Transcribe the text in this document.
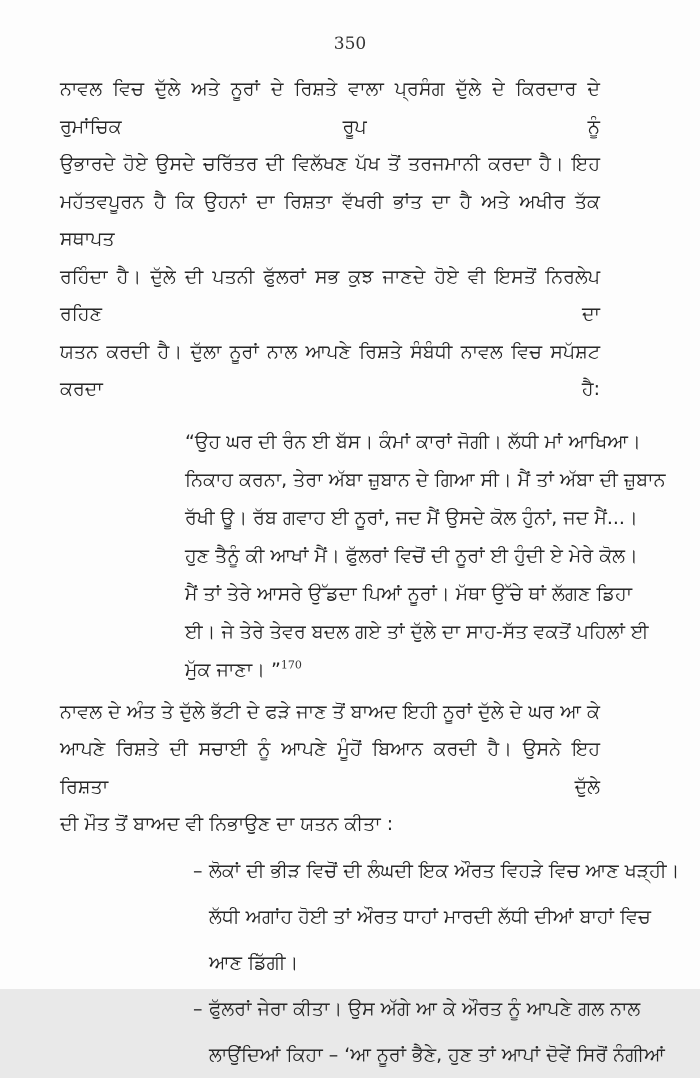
350
ਨਾਵਲ ਵਿਚ ਦੁੱਲੇ ਅਤੇ ਨੂਰਾਂ ਦੇ ਰਿਸ਼ਤੇ ਵਾਲਾ ਪ੍ਰਸੰਗ ਦੁੱਲੇ ਦੇ ਕਿਰਦਾਰ ਦੇ ਰੁਮਾਂਚਿਕ ਰੂਪ ਨੂੰ
ਉਭਾਰਦੇ ਹੋਏ ਉਸਦੇ ਚਰਿੱਤਰ ਦੀ ਵਿਲੱਖਣ ਪੱਖ ਤੋਂ ਤਰਜਮਾਨੀ ਕਰਦਾ ਹੈ। ਇਹ
ਮਹੱਤਵਪੂਰਨ ਹੈ ਕਿ ਉਹਨਾਂ ਦਾ ਰਿਸ਼ਤਾ ਵੱਖਰੀ ਭਾਂਤ ਦਾ ਹੈ ਅਤੇ ਅਖੀਰ ਤੱਕ ਸਥਾਪਤ
ਰਹਿੰਦਾ ਹੈ। ਦੁੱਲੇ ਦੀ ਪਤਨੀ ਫੁੱਲਰਾਂ ਸਭ ਕੁਝ ਜਾਣਦੇ ਹੋਏ ਵੀ ਇਸਤੋਂ ਨਿਰਲੇਪ ਰਹਿਣ ਦਾ
ਯਤਨ ਕਰਦੀ ਹੈ। ਦੁੱਲਾ ਨੂਰਾਂ ਨਾਲ ਆਪਣੇ ਰਿਸ਼ਤੇ ਸੰਬੰਧੀ ਨਾਵਲ ਵਿਚ ਸਪੱਸ਼ਟ ਕਰਦਾ ਹੈ:
“ਉਹ ਘਰ ਦੀ ਰੰਨ ਈ ਬੱਸ। ਕੰਮਾਂ ਕਾਰਾਂ ਜੋਗੀ। ਲੱਧੀ ਮਾਂ ਆਖਿਆ।
ਨਿਕਾਹ ਕਰਨਾ, ਤੇਰਾ ਅੱਬਾ ਜ਼ੁਬਾਨ ਦੇ ਗਿਆ ਸੀ। ਮੈਂ ਤਾਂ ਅੱਬਾ ਦੀ ਜ਼ੁਬਾਨ
ਰੱਖੀ ਊ। ਰੱਬ ਗਵਾਹ ਈ ਨੂਰਾਂ, ਜਦ ਮੈਂ ਉਸਦੇ ਕੋਲ ਹੁੰਨਾਂ, ਜਦ ਮੈਂ...।
ਹੁਣ ਤੈਨੂੰ ਕੀ ਆਖਾਂ ਮੈਂ। ਫੁੱਲਰਾਂ ਵਿਚੋਂ ਦੀ ਨੂਰਾਂ ਈ ਹੁੰਦੀ ਏ ਮੇਰੇ ਕੋਲ।
ਮੈਂ ਤਾਂ ਤੇਰੇ ਆਸਰੇ ਉੱਡਦਾ ਪਿਆਂ ਨੂਰਾਂ। ਮੱਥਾ ਉੱਚੇ ਥਾਂ ਲੱਗਣ ਡਿਹਾ
ਈ। ਜੇ ਤੇਰੇ ਤੇਵਰ ਬਦਲ ਗਏ ਤਾਂ ਦੁੱਲੇ ਦਾ ਸਾਹ-ਸੱਤ ਵਕਤੋਂ ਪਹਿਲਾਂ ਈ
ਮੁੱਕ ਜਾਣਾ। ”$^{170}$
ਨਾਵਲ ਦੇ ਅੰਤ ਤੇ ਦੁੱਲੇ ਭੱਟੀ ਦੇ ਫੜੇ ਜਾਣ ਤੋਂ ਬਾਅਦ ਇਹੀ ਨੂਰਾਂ ਦੁੱਲੇ ਦੇ ਘਰ ਆ ਕੇ
ਆਪਣੇ ਰਿਸ਼ਤੇ ਦੀ ਸਚਾਈ ਨੂੰ ਆਪਣੇ ਮੂੰਹੋਂ ਬਿਆਨ ਕਰਦੀ ਹੈ। ਉਸਨੇ ਇਹ ਰਿਸ਼ਤਾ ਦੁੱਲੇ
ਦੀ ਮੌਤ ਤੋਂ ਬਾਅਦ ਵੀ ਨਿਭਾਉਣ ਦਾ ਯਤਨ ਕੀਤਾ :
– ਲੋਕਾਂ ਦੀ ਭੀੜ ਵਿਚੋਂ ਦੀ ਲੰਘਦੀ ਇਕ ਔਰਤ ਵਿਹੜੇ ਵਿਚ ਆਣ ਖੜ੍ਹੀ।
ਲੱਧੀ ਅਗਾਂਹ ਹੋਈ ਤਾਂ ਔਰਤ ਧਾਹਾਂ ਮਾਰਦੀ ਲੱਧੀ ਦੀਆਂ ਬਾਹਾਂ ਵਿਚ
ਆਣ ਡਿੱਗੀ।
– ਫੁੱਲਰਾਂ ਜੇਰਾ ਕੀਤਾ। ਉਸ ਅੱਗੇ ਆ ਕੇ ਔਰਤ ਨੂੰ ਆਪਣੇ ਗਲ ਨਾਲ
ਲਾਉਂਦਿਆਂ ਕਿਹਾ – ‘ਆ ਨੂਰਾਂ ਭੈਣੇ, ਹੁਣ ਤਾਂ ਆਪਾਂ ਦੋਵੇਂ ਸਿਰੋਂ ਨੰਗੀਆਂ
